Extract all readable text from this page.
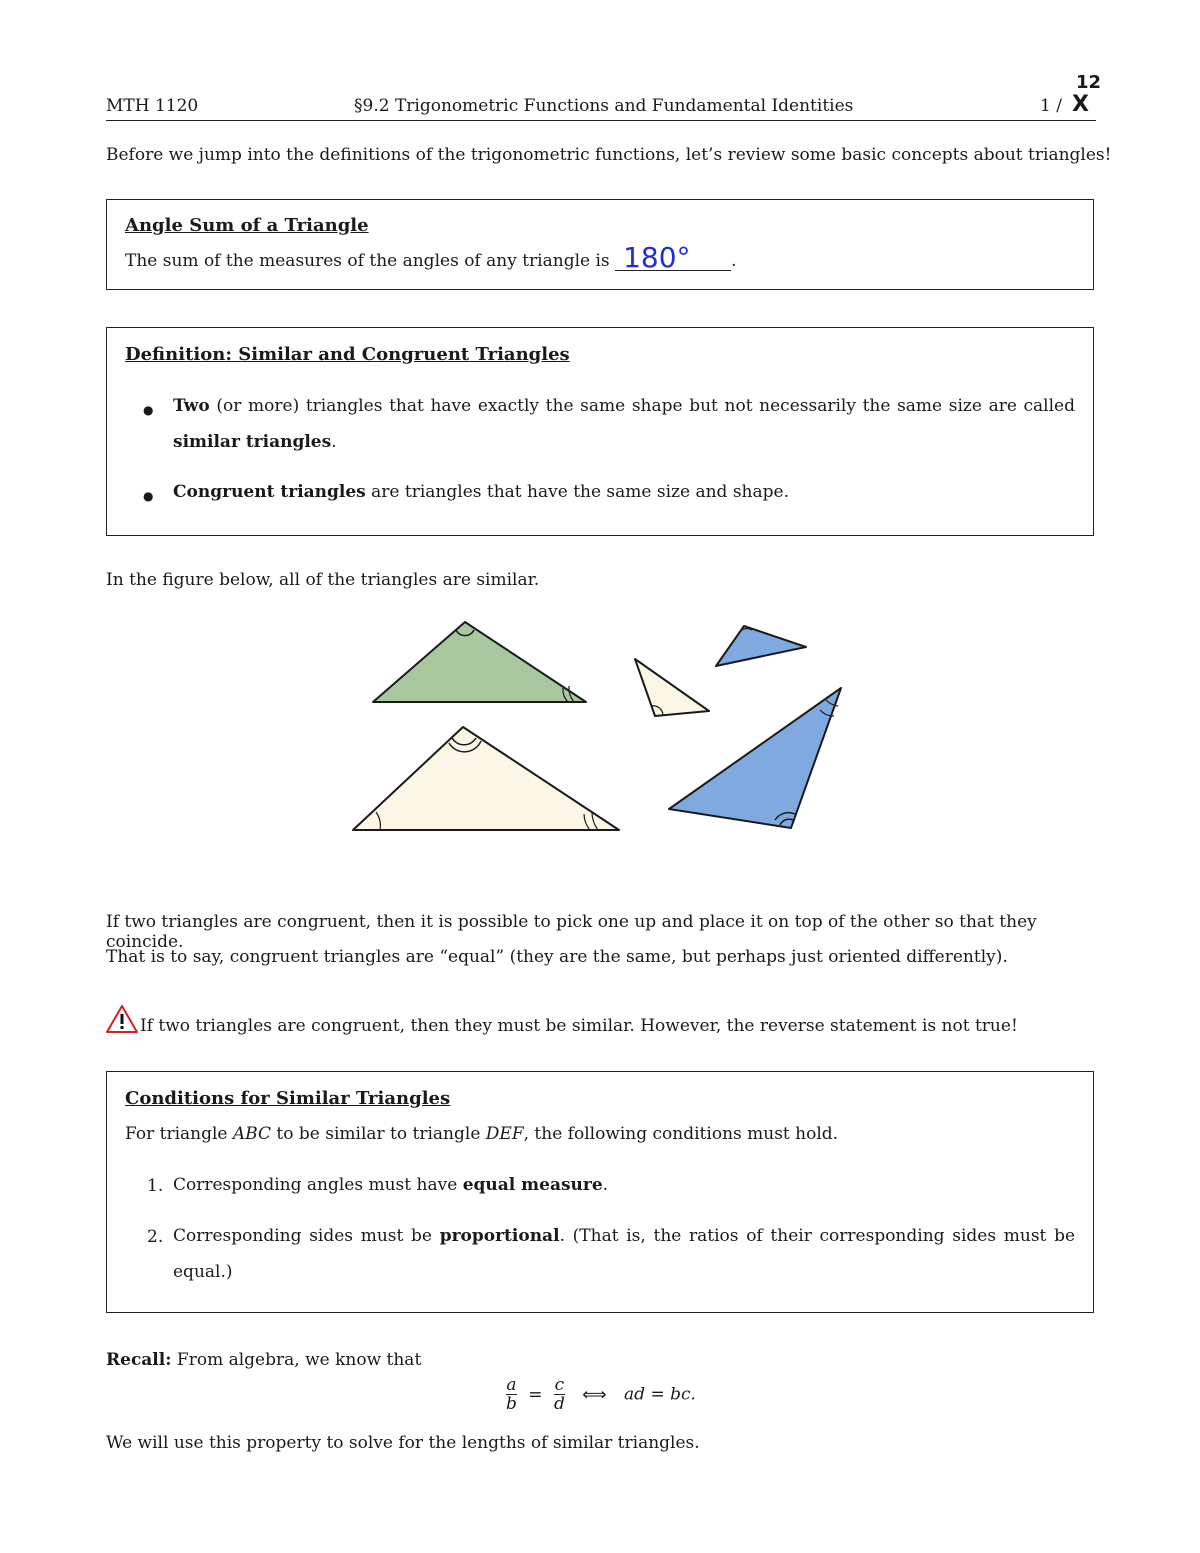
MTH 1120	§9.2 Trigonometric Functions and Fundamental Identities	1 / X
12
Before we jump into the definitions of the trigonometric functions, let’s review some basic concepts about triangles!
Angle Sum of a Triangle
The sum of the measures of the angles of any triangle is 180° .
Definition: Similar and Congruent Triangles
● Two (or more) triangles that have exactly the same shape but not necessarily the same size are called similar triangles.
● Congruent triangles are triangles that have the same size and shape.
In the figure below, all of the triangles are similar.
If two triangles are congruent, then it is possible to pick one up and place it on top of the other so that they coincide.
That is to say, congruent triangles are “equal” (they are the same, but perhaps just oriented differently).
If two triangles are congruent, then they must be similar. However, the reverse statement is not true!
Conditions for Similar Triangles
For triangle ABC to be similar to triangle DEF, the following conditions must hold.
1. Corresponding angles must have equal measure.
2. Corresponding sides must be proportional. (That is, the ratios of their corresponding sides must be equal.)
Recall: From algebra, we know that
$\frac{a}{b} = \frac{c}{d}$ ⟺ ad = bc.
We will use this property to solve for the lengths of similar triangles.
